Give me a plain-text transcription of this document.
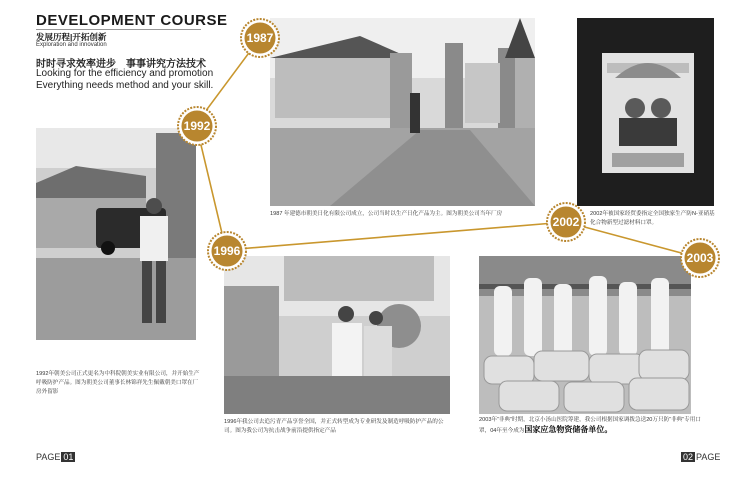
DEVELOPMENT COURSE
发展历程|开拓创新
Exploration and innovation
时时寻求效率进步　事事讲究方法技术
Looking for the efficiency and promotion
Everything needs method and your skill.
1987 年建德市朝美日化有限公司成立，公司当时以生产日化产品为主。图为朝美公司当年厂房	2002年被国家经贸委指定全国独家生产防N-亚硝基化合物新型过滤材料口罩。
1992年朝美公司正式更名为中科院朝美实业有限公司，并开始生产呼吸防护产品。图为朝美公司董事长林锦祥先生佩戴朝美口罩在厂房外留影
1996年我公司去追污青产品享誉全国，并正式转型成为专业研发及制造呼吸防护产品的公司。图为我公司为抗击战争前沿提供指定产品
2003年“非典”时期，北京小汤山医院筹建，我公司根据国家调拨急送20万只防“非典”专用口罩，04年至今成为国家应急物资储备单位。
1987
1992
1996
2002
2003
PAGE 01	02 PAGE
